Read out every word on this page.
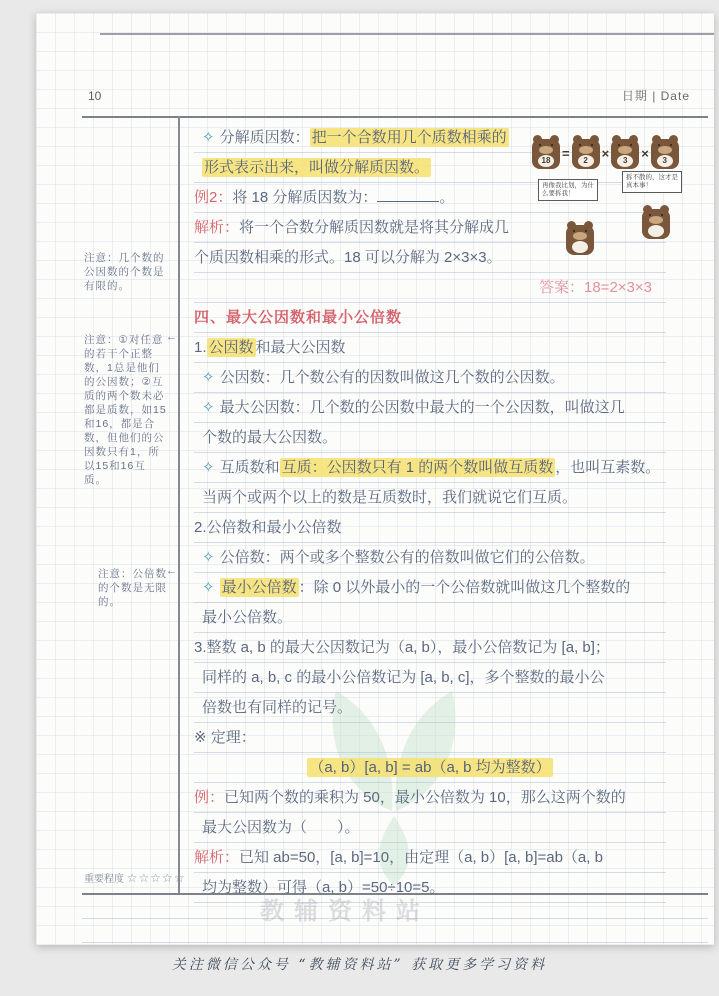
10	日期 | Date
教辅资料站
注意：几个数的公因数的个数是有限的。
注意：①对任意的若干个正整数，1总是他们的公因数；②互质的两个数未必都是质数，如15和16，都是合数，但他们的公因数只有1，所以15和16互质。
注意：公倍数的个数是无限的。
←
←
✧ 分解质因数： 把一个合数用几个质数相乘的
形式表示出来，叫做分解质因数。
例2：将 18 分解质因数为：	。
解析：将一个合数分解质因数就是将其分解成几
个质因数相乘的形式。18 可以分解为 2×3×3。
答案：18=2×3×3
四、最大公因数和最小公倍数
1. 公因数 和最大公因数
✧ 公因数：几个数公有的因数叫做这几个数的公因数。
✧ 最大公因数：几个数的公因数中最大的一个公因数，叫做这几
个数的最大公因数。
✧ 互质数和 互质：公因数只有 1 的两个数叫做互质数 ，也叫互素数。
当两个或两个以上的数是互质数时，我们就说它们互质。
2.公倍数和最小公倍数
✧ 公倍数：两个或多个整数公有的倍数叫做它们的公倍数。
✧ 最小公倍数 ：除 0 以外最小的一个公倍数就叫做这几个整数的
最小公倍数。
3.整数 a, b 的最大公因数记为（a, b），最小公倍数记为 [a, b]；
同样的 a, b, c 的最小公倍数记为 [a, b, c]，多个整数的最小公
倍数也有同样的记号。
※ 定理：
（a, b）[a, b] = ab（a, b 均为整数）
例：已知两个数的乘积为 50，最小公倍数为 10，那么这两个数的
最大公因数为（　　）。
解析：已知 ab=50，[a, b]=10，由定理（a, b）[a, b]=ab（a, b
均为整数）可得（a, b）=50÷10=5。
18 =	2	×	3	×	3
再像我比划，为什么要拆我！
拆不散的，这才是真本事！
重要程度 ☆☆☆☆☆
关注微信公众号 “教辅资料站” 获取更多学习资料
